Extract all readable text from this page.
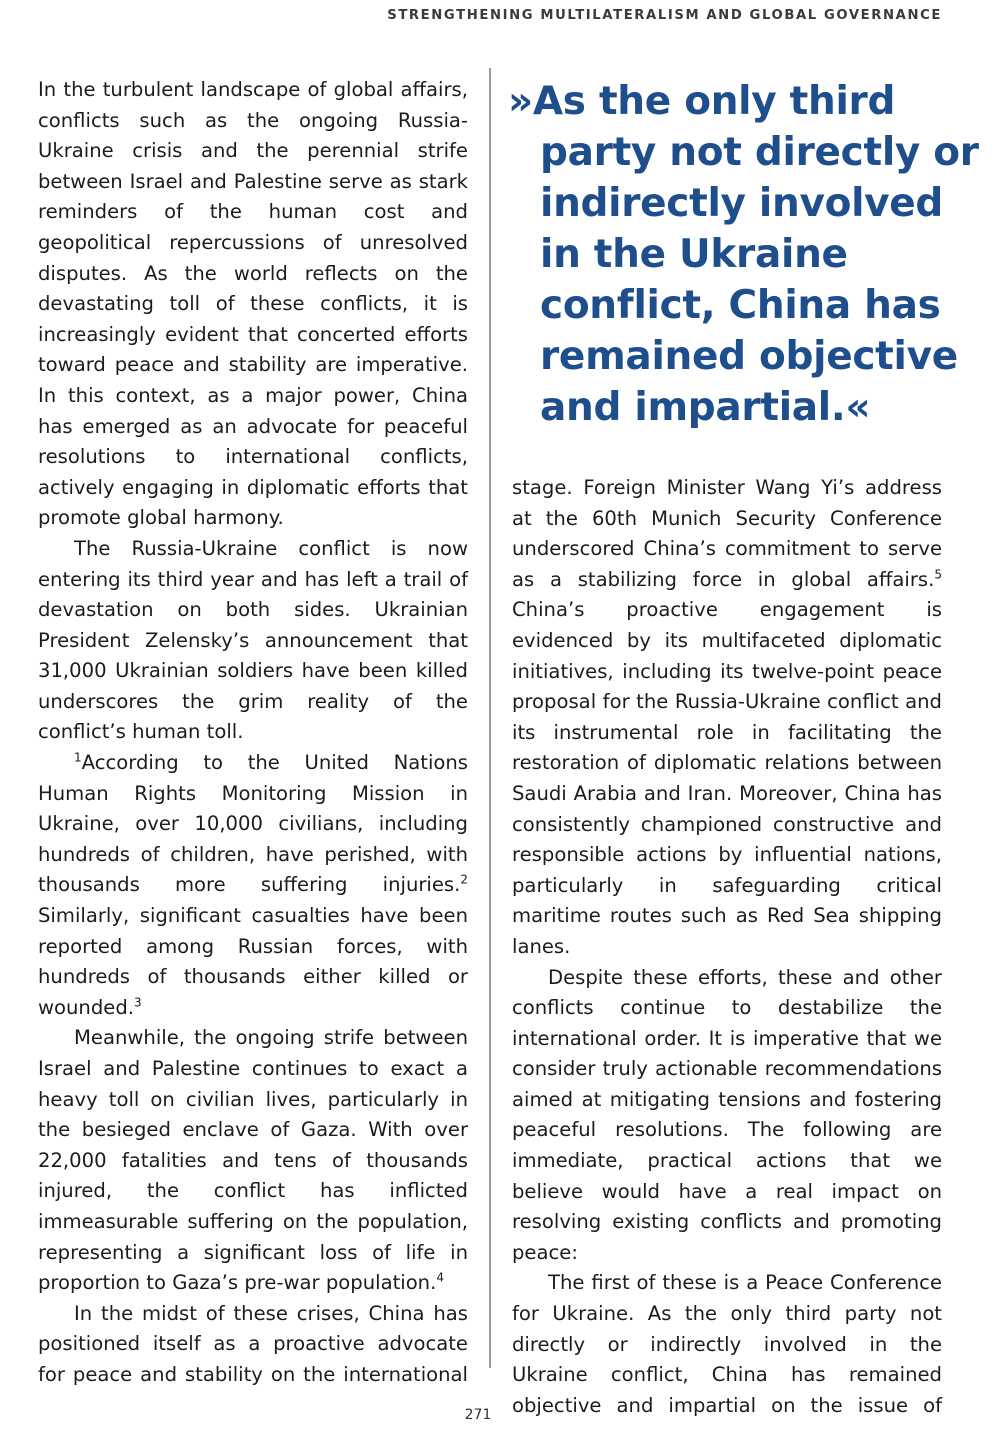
STRENGTHENING MULTILATERALISM AND GLOBAL GOVERNANCE

In the turbulent landscape of global affairs, conflicts such as the ongoing Russia-Ukraine crisis and the perennial strife between Israel and Palestine serve as stark reminders of the human cost and geopolitical repercussions of unresolved disputes. As the world reflects on the devastating toll of these conflicts, it is increasingly evident that concerted efforts toward peace and stability are imperative. In this context, as a major power, China has emerged as an advocate for peaceful resolutions to international conflicts, actively engaging in diplomatic efforts that promote global harmony.

The Russia-Ukraine conflict is now entering its third year and has left a trail of devastation on both sides. Ukrainian President Zelensky’s announcement that 31,000 Ukrainian soldiers have been killed underscores the grim reality of the conflict’s human toll.

$^1$According to the United Nations Human Rights Monitoring Mission in Ukraine, over 10,000 civilians, including hundreds of children, have perished, with thousands more suffering injuries.$^2$ Similarly, significant casualties have been reported among Russian forces, with hundreds of thousands either killed or wounded.$^3$

Meanwhile, the ongoing strife between Israel and Palestine continues to exact a heavy toll on civilian lives, particularly in the besieged enclave of Gaza. With over 22,000 fatalities and tens of thousands injured, the conflict has inflicted immeasurable suffering on the population, representing a significant loss of life in proportion to Gaza’s pre-war population.$^4$

In the midst of these crises, China has positioned itself as a proactive advocate for peace and stability on the international

»As the only third party not directly or indirectly involved in the Ukraine conflict, China has remained objective and impartial.«

stage. Foreign Minister Wang Yi’s address at the 60th Munich Security Conference underscored China’s commitment to serve as a stabilizing force in global affairs.$^5$ China’s proactive engagement is evidenced by its multifaceted diplomatic initiatives, including its twelve-point peace proposal for the Russia-Ukraine conflict and its instrumental role in facilitating the restoration of diplomatic relations between Saudi Arabia and Iran. Moreover, China has consistently championed constructive and responsible actions by influential nations, particularly in safeguarding critical maritime routes such as Red Sea shipping lanes.

Despite these efforts, these and other conflicts continue to destabilize the international order. It is imperative that we consider truly actionable recommendations aimed at mitigating tensions and fostering peaceful resolutions. The following are immediate, practical actions that we believe would have a real impact on resolving existing conflicts and promoting peace:

The first of these is a Peace Conference for Ukraine. As the only third party not directly or indirectly involved in the Ukraine conflict, China has remained objective and impartial on the issue of

271
